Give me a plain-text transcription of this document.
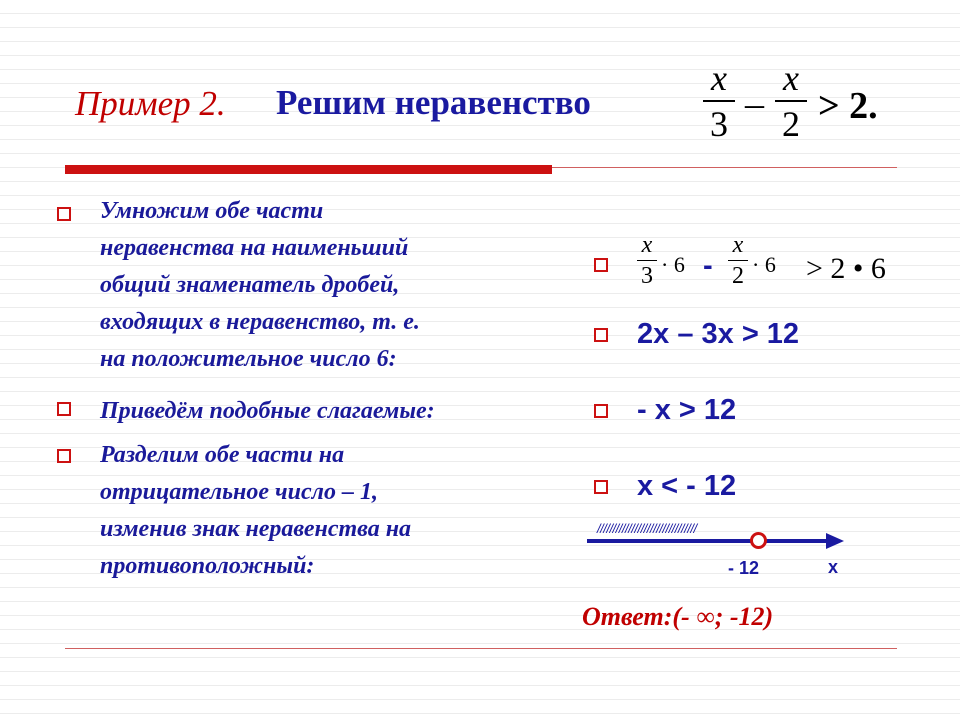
Пример 2. Решим неравенство
x
3 –
x
2 > 2.
Умножим обе части
неравенства на наименьший
общий знаменатель дробей,
входящих в неравенство, т. е.
на положительное число 6:
Приведём подобные слагаемые:
Разделим обе части на
отрицательное число – 1,
изменив знак неравенства на
противоположный:
x
3 · 6 -
x
2 · 6 > 2 • 6
2x – 3x > 12
- x > 12
x < - 12
////////////////////////////////
- 12	x
Ответ:(- ∞; -12)
